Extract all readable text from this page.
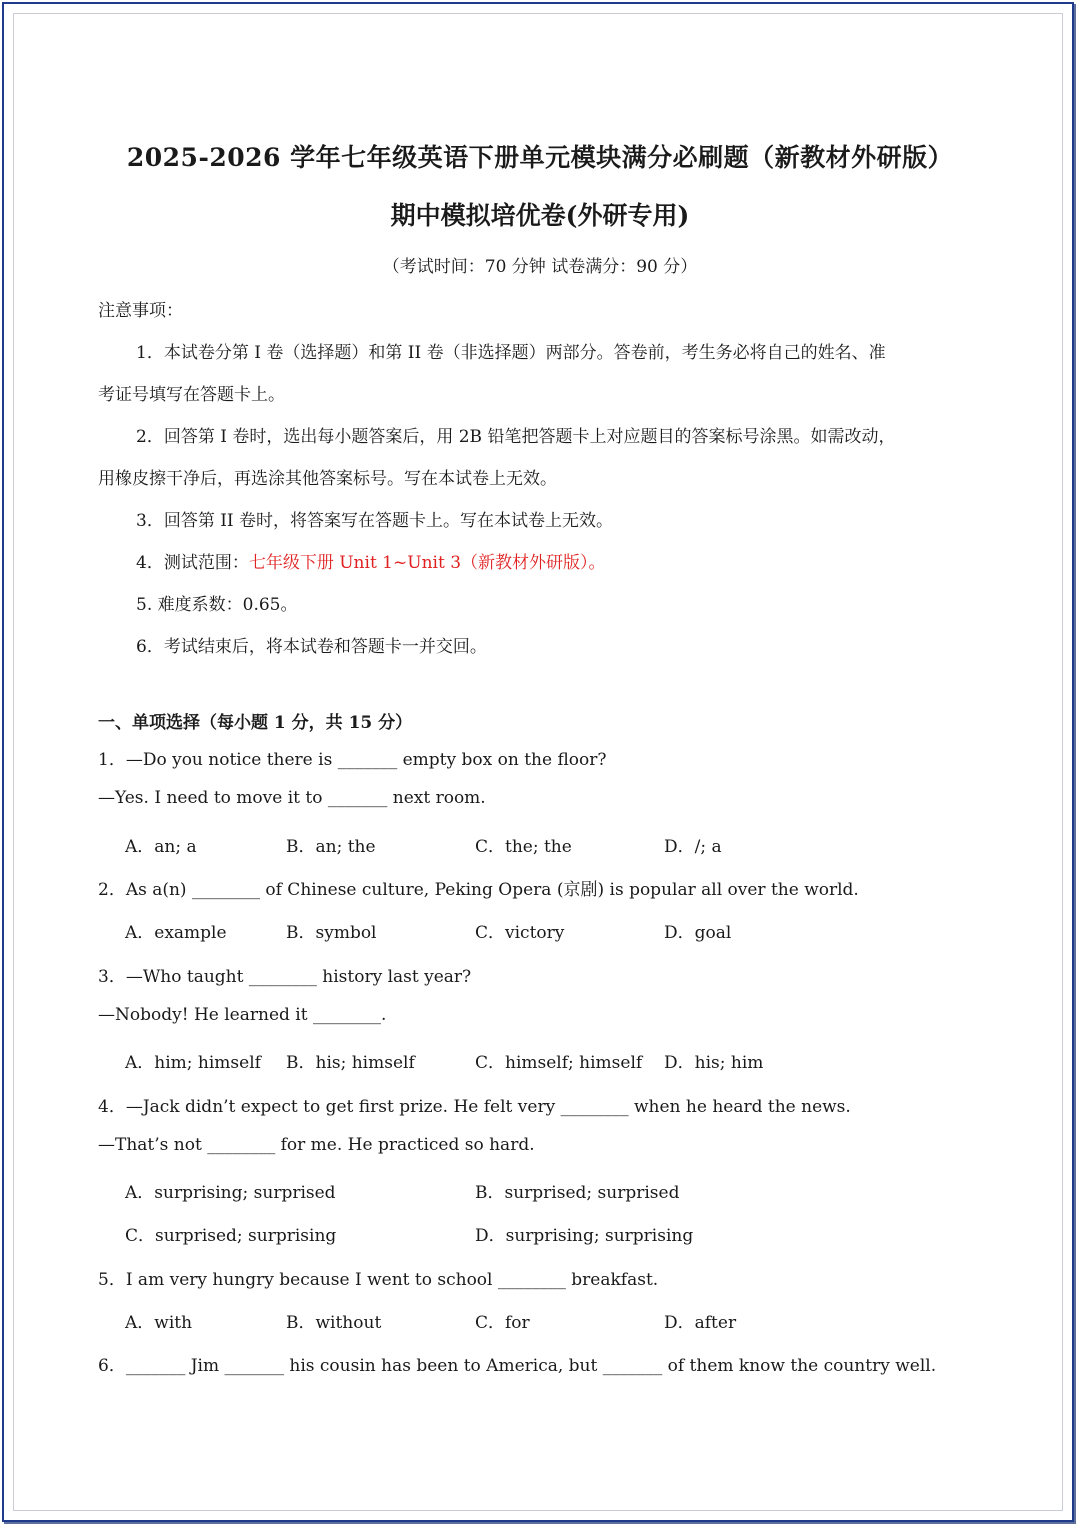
2025-2026 学年七年级英语下册单元模块满分必刷题（新教材外研版）
期中模拟培优卷(外研专用)
（考试时间：70 分钟 试卷满分：90 分）
注意事项：
1．本试卷分第 I 卷（选择题）和第 II 卷（非选择题）两部分。答卷前，考生务必将自己的姓名、准
考证号填写在答题卡上。
2．回答第 I 卷时，选出每小题答案后，用 2B 铅笔把答题卡上对应题目的答案标号涂黑。如需改动，
用橡皮擦干净后，再选涂其他答案标号。写在本试卷上无效。
3．回答第 II 卷时，将答案写在答题卡上。写在本试卷上无效。
4．测试范围：七年级下册 Unit 1~Unit 3（新教材外研版）。
5. 难度系数：0.65。
6．考试结束后，将本试卷和答题卡一并交回。
一、单项选择（每小题 1 分，共 15 分）
1．—Do you notice there is _______ empty box on the floor?
—Yes. I need to move it to _______ next room.
A．an; a	B．an; the	C．the; the	D．/; a
2．As a(n) ________ of Chinese culture, Peking Opera (京剧) is popular all over the world.
A．example	B．symbol	C．victory	D．goal
3．—Who taught ________ history last year?
—Nobody! He learned it ________.
A．him; himself B．his; himself	C．himself; himself D．his; him
4．—Jack didn’t expect to get first prize. He felt very ________ when he heard the news.
—That’s not ________ for me. He practiced so hard.
A．surprising; surprised	B．surprised; surprised
C．surprised; surprising	D．surprising; surprising
5．I am very hungry because I went to school ________ breakfast.
A．with	B．without	C．for	D．after
6．_______ Jim _______ his cousin has been to America, but _______ of them know the country well.
